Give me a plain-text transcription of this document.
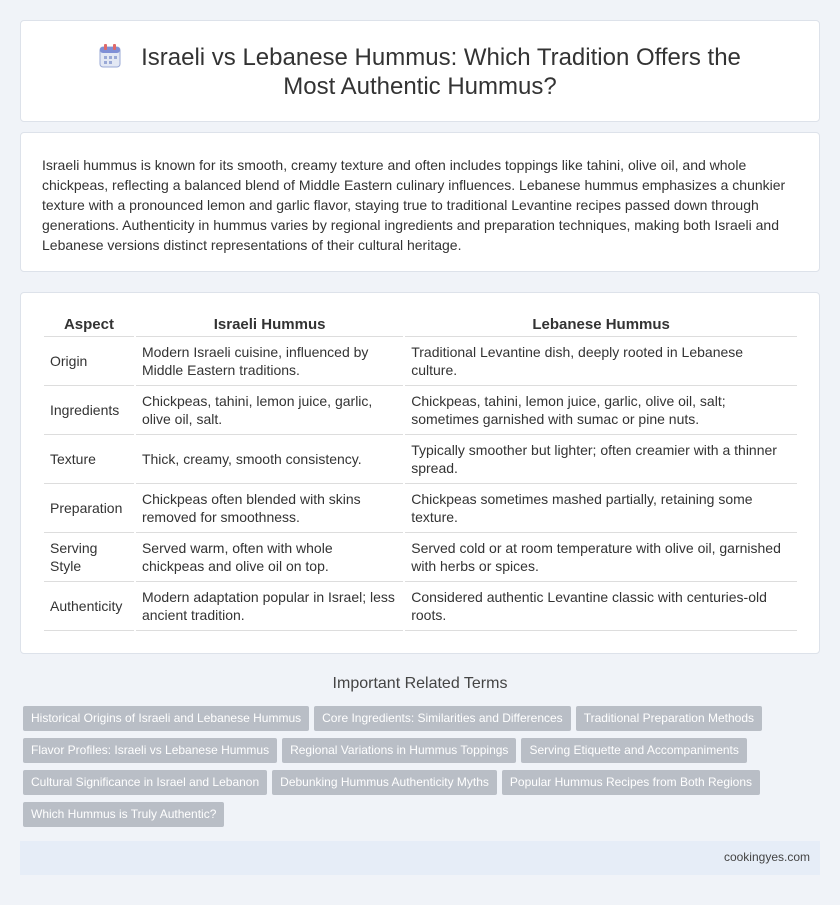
Israeli vs Lebanese Hummus: Which Tradition Offers the Most Authentic Hummus?

Israeli hummus is known for its smooth, creamy texture and often includes toppings like tahini, olive oil, and whole chickpeas, reflecting a balanced blend of Middle Eastern culinary influences. Lebanese hummus emphasizes a chunkier texture with a pronounced lemon and garlic flavor, staying true to traditional Levantine recipes passed down through generations. Authenticity in hummus varies by regional ingredients and preparation techniques, making both Israeli and Lebanese versions distinct representations of their cultural heritage.

Aspect	Israeli Hummus	Lebanese Hummus
Origin	Modern Israeli cuisine, influenced by Middle Eastern traditions.	Traditional Levantine dish, deeply rooted in Lebanese culture.
Ingredients	Chickpeas, tahini, lemon juice, garlic, olive oil, salt.	Chickpeas, tahini, lemon juice, garlic, olive oil, salt; sometimes garnished with sumac or pine nuts.
Texture	Thick, creamy, smooth consistency.	Typically smoother but lighter; often creamier with a thinner spread.
Preparation	Chickpeas often blended with skins removed for smoothness.	Chickpeas sometimes mashed partially, retaining some texture.
Serving Style	Served warm, often with whole chickpeas and olive oil on top.	Served cold or at room temperature with olive oil, garnished with herbs or spices.
Authenticity	Modern adaptation popular in Israel; less ancient tradition.	Considered authentic Levantine classic with centuries-old roots.
Important Related Terms
Historical Origins of Israeli and Lebanese Hummus Core Ingredients: Similarities and Differences Traditional Preparation MethodsFlavor Profiles: Israeli vs Lebanese Hummus Regional Variations in Hummus Toppings Serving Etiquette and AccompanimentsCultural Significance in Israel and Lebanon Debunking Hummus Authenticity Myths Popular Hummus Recipes from Both RegionsWhich Hummus is Truly Authentic?
cookingyes.com
